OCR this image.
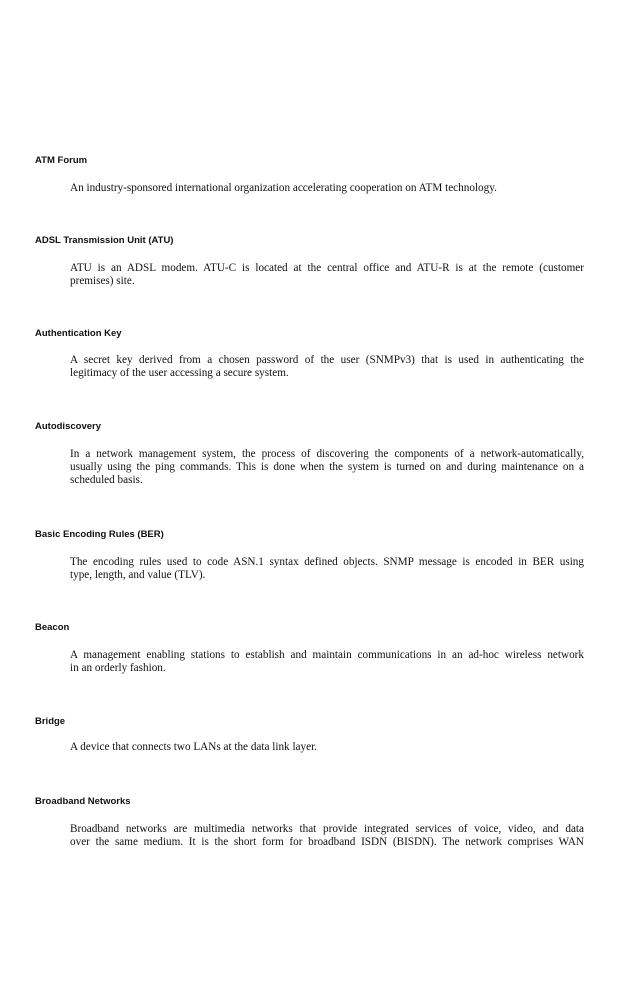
ATM Forum
An industry-sponsored international organization accelerating cooperation on ATM technology.
ADSL Transmission Unit (ATU)
ATU is an ADSL modem. ATU-C is located at the central office and ATU-R is at the remote (customer
premises) site.
Authentication Key
A secret key derived from a chosen password of the user (SNMPv3) that is used in authenticating the
legitimacy of the user accessing a secure system.
Autodiscovery
In a network management system, the process of discovering the components of a network-automatically,
usually using the ping commands. This is done when the system is turned on and during maintenance on a
scheduled basis.
Basic Encoding Rules (BER)
The encoding rules used to code ASN.1 syntax defined objects. SNMP message is encoded in BER using
type, length, and value (TLV).
Beacon
A management enabling stations to establish and maintain communications in an ad-hoc wireless network
in an orderly fashion.
Bridge
A device that connects two LANs at the data link layer.
Broadband Networks
Broadband networks are multimedia networks that provide integrated services of voice, video, and data
over the same medium. It is the short form for broadband ISDN (BISDN). The network comprises WAN
